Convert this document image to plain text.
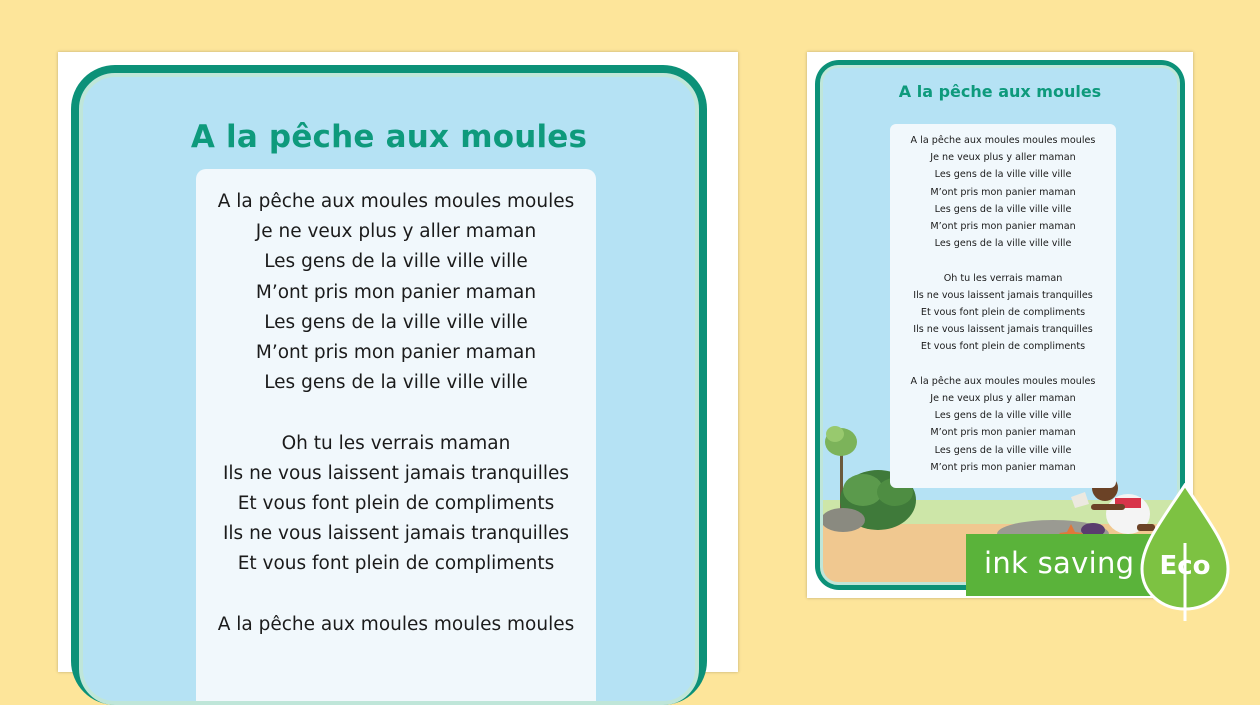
A la pêche aux moules
A la pêche aux moules moules moules
Je ne veux plus y aller maman
Les gens de la ville ville ville
M’ont pris mon panier maman
Les gens de la ville ville ville
M’ont pris mon panier maman
Les gens de la ville ville ville
Oh tu les verrais maman
Ils ne vous laissent jamais tranquilles
Et vous font plein de compliments
Ils ne vous laissent jamais tranquilles
Et vous font plein de compliments
A la pêche aux moules moules moules
A la pêche aux moules
A la pêche aux moules moules moules
Je ne veux plus y aller maman
Les gens de la ville ville ville
M’ont pris mon panier maman
Les gens de la ville ville ville
M’ont pris mon panier maman
Les gens de la ville ville ville
Oh tu les verrais maman
Ils ne vous laissent jamais tranquilles
Et vous font plein de compliments
Ils ne vous laissent jamais tranquilles
Et vous font plein de compliments
A la pêche aux moules moules moules
Je ne veux plus y aller maman
Les gens de la ville ville ville
M’ont pris mon panier maman
Les gens de la ville ville ville
M’ont pris mon panier maman
ink saving Eco
